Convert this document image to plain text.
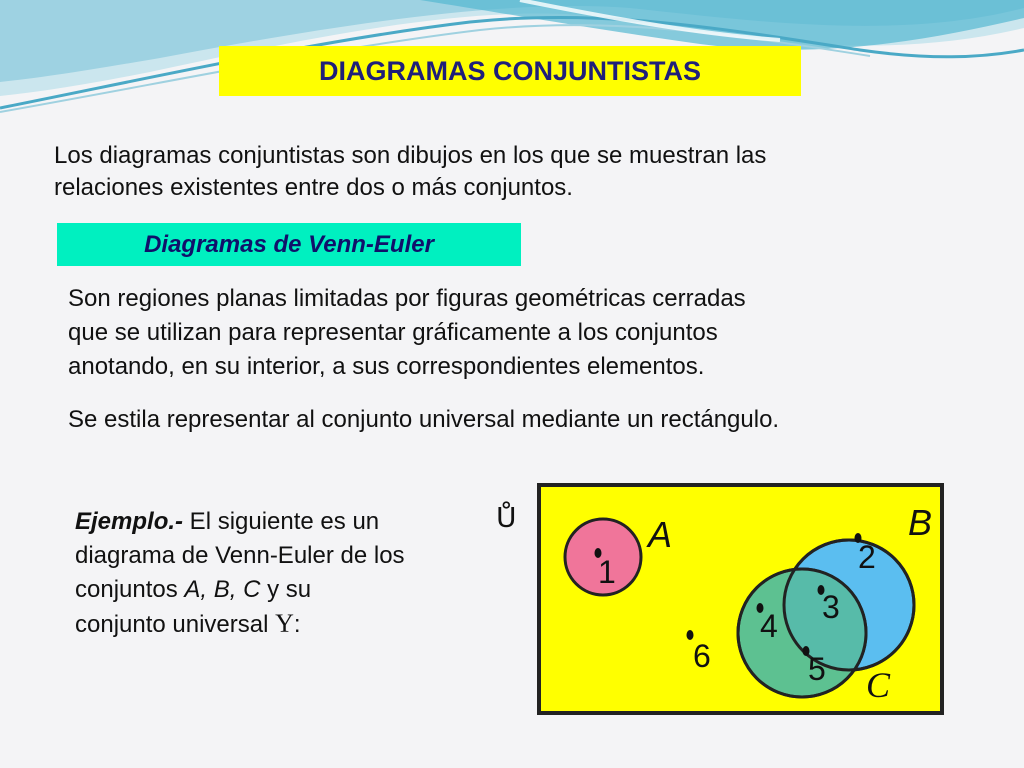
DIAGRAMAS CONJUNTISTAS
Los diagramas conjuntistas son dibujos en los que se muestran las
relaciones existentes entre dos o más conjuntos.
Diagramas de Venn-Euler
Son regiones planas limitadas por figuras geométricas cerradas
que se utilizan para representar gráficamente a los conjuntos
anotando, en su interior, a sus correspondientes elementos.
Se estila representar al conjunto universal mediante un rectángulo.
Ejemplo.- El siguiente es un
diagrama de Venn-Euler de los
conjuntos A, B, C y su
conjunto universal Υ:
Ů	A	B
C
1	2
3
4
5
6
